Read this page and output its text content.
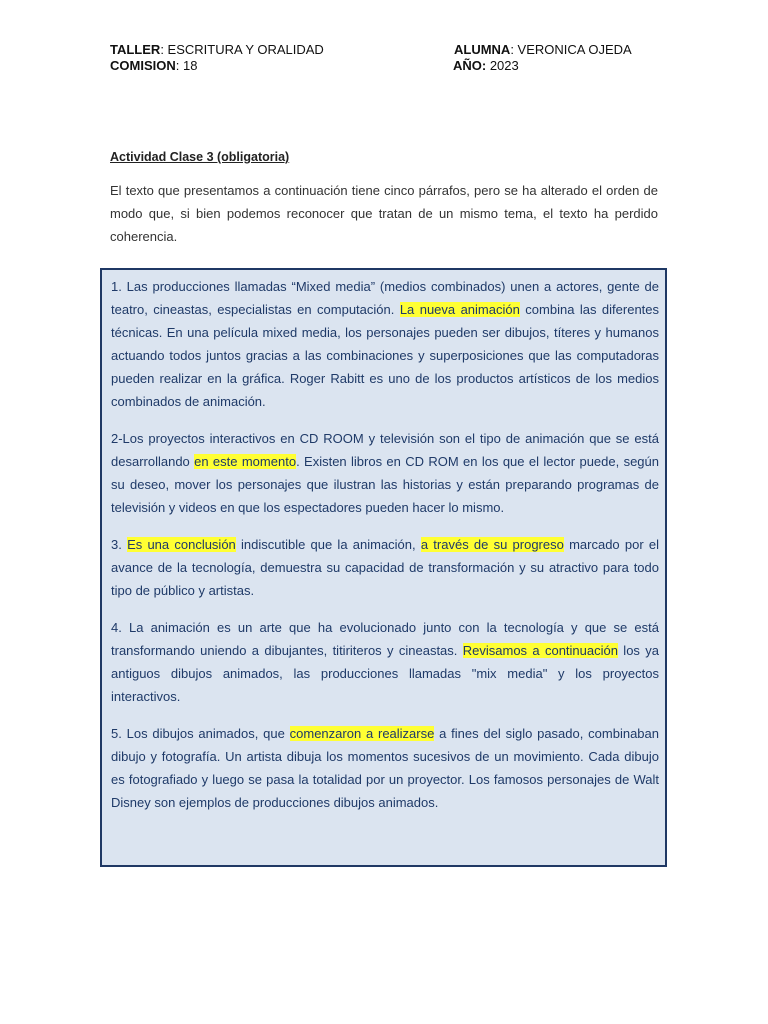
TALLER: ESCRITURA Y ORALIDAD	ALUMNA: VERONICA OJEDA
COMISION: 18	AÑO: 2023
Actividad Clase 3 (obligatoria)
El texto que presentamos a continuación tiene cinco párrafos, pero se ha alterado el orden de modo que, si bien podemos reconocer que tratan de un mismo tema, el texto ha perdido coherencia.

1. Las producciones llamadas “Mixed media” (medios combinados) unen a actores, gente de teatro, cineastas, especialistas en computación. La nueva animación combina las diferentes técnicas. En una película mixed media, los personajes pueden ser dibujos, títeres y humanos actuando todos juntos gracias a las combinaciones y superposiciones que las computadoras pueden realizar en la gráfica. Roger Rabitt es uno de los productos artísticos de los medios combinados de animación.

2-Los proyectos interactivos en CD ROOM y televisión son el tipo de animación que se está desarrollando en este momento. Existen libros en CD ROM en los que el lector puede, según su deseo, mover los personajes que ilustran las historias y están preparando programas de televisión y videos en que los espectadores pueden hacer lo mismo.

3. Es una conclusión indiscutible que la animación, a través de su progreso marcado por el avance de la tecnología, demuestra su capacidad de transformación y su atractivo para todo tipo de público y artistas.

4. La animación es un arte que ha evolucionado junto con la tecnología y que se está transformando uniendo a dibujantes, titiriteros y cineastas. Revisamos a continuación los ya antiguos dibujos animados, las producciones llamadas "mix media" y los proyectos interactivos.

5. Los dibujos animados, que comenzaron a realizarse a fines del siglo pasado, combinaban dibujo y fotografía. Un artista dibuja los momentos sucesivos de un movimiento. Cada dibujo es fotografiado y luego se pasa la totalidad por un proyector. Los famosos personajes de Walt Disney son ejemplos de producciones dibujos animados.
